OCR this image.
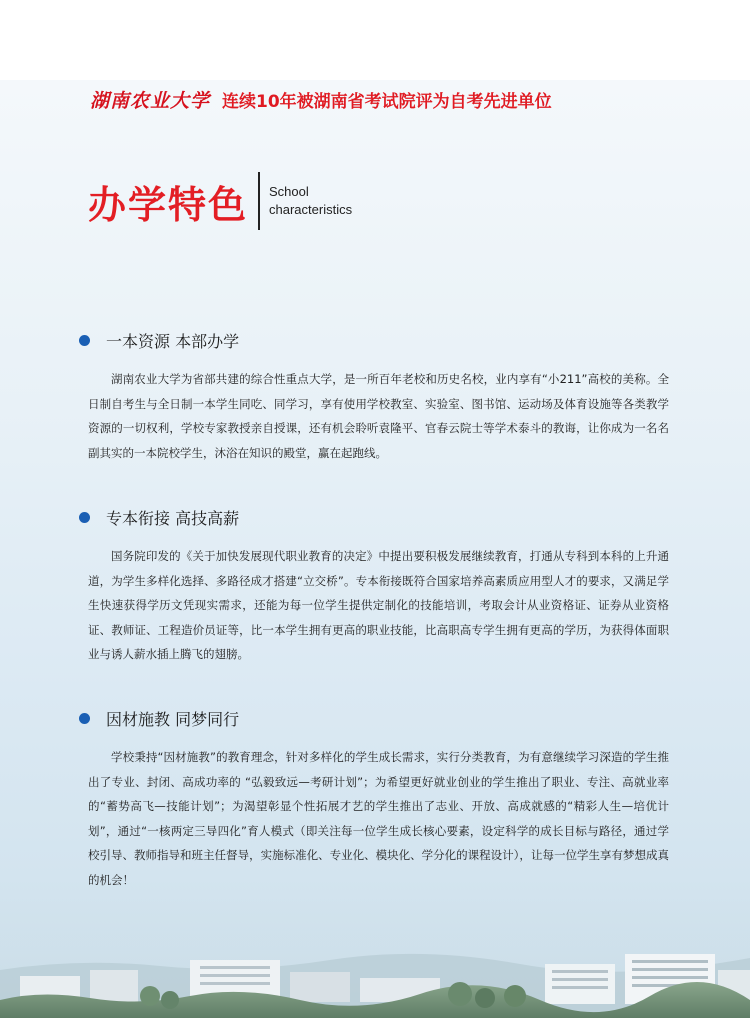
湖南农业大学 连续10年被湖南省考试院评为自考先进单位
办学特色 School characteristics
一本资源 本部办学
湖南农业大学为省部共建的综合性重点大学，是一所百年老校和历史名校，业内享有“小211”高校的美称。全日制自考生与全日制一本学生同吃、同学习，享有使用学校教室、实验室、图书馆、运动场及体育设施等各类教学资源的一切权利，学校专家教授亲自授课，还有机会聆听袁隆平、官春云院士等学术泰斗的教诲，让你成为一名名副其实的一本院校学生，沐浴在知识的殿堂，赢在起跑线。
专本衔接 高技高薪
国务院印发的《关于加快发展现代职业教育的决定》中提出要积极发展继续教育，打通从专科到本科的上升通道，为学生多样化选择、多路径成才搭建“立交桥”。专本衔接既符合国家培养高素质应用型人才的要求，又满足学生快速获得学历文凭现实需求，还能为每一位学生提供定制化的技能培训，考取会计从业资格证、证券从业资格证、教师证、工程造价员证等，比一本学生拥有更高的职业技能，比高职高专学生拥有更高的学历，为获得体面职业与诱人薪水插上腾飞的翅膀。
因材施教 同梦同行
学校秉持“因材施教”的教育理念，针对多样化的学生成长需求，实行分类教育，为有意继续学习深造的学生推出了专业、封闭、高成功率的 “弘毅致远—考研计划”；为希望更好就业创业的学生推出了职业、专注、高就业率的“蓄势高飞—技能计划”；为渴望彰显个性拓展才艺的学生推出了志业、开放、高成就感的“精彩人生—培优计划”，通过“一核两定三导四化”育人模式（即关注每一位学生成长核心要素，设定科学的成长目标与路径，通过学校引导、教师指导和班主任督导，实施标准化、专业化、模块化、学分化的课程设计），让每一位学生享有梦想成真的机会！
